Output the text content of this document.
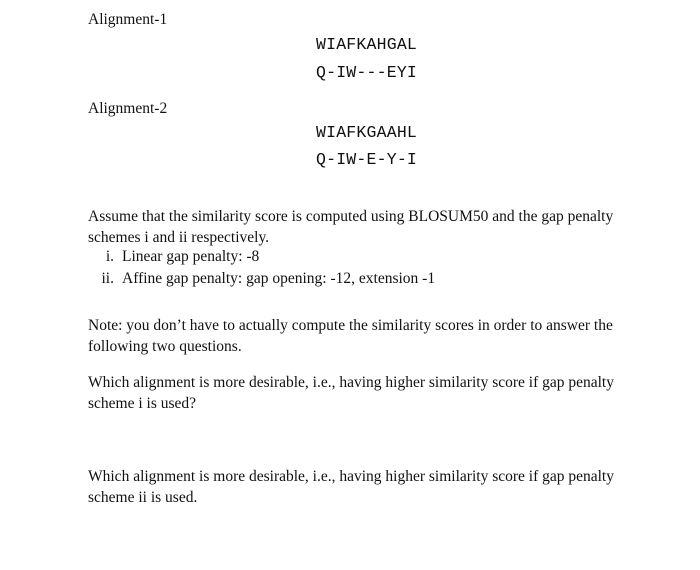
Alignment-1
WIAFKAHGAL
Q-IW---EYI
Alignment-2
WIAFKGAAHL
Q-IW-E-Y-I
Assume that the similarity score is computed using BLOSUM50 and the gap penalty schemes i and ii respectively.
i. Linear gap penalty: -8
ii. Affine gap penalty: gap opening: -12, extension -1
Note: you don’t have to actually compute the similarity scores in order to answer the following two questions.
Which alignment is more desirable, i.e., having higher similarity score if gap penalty scheme i is used?
Which alignment is more desirable, i.e., having higher similarity score if gap penalty scheme ii is used.
